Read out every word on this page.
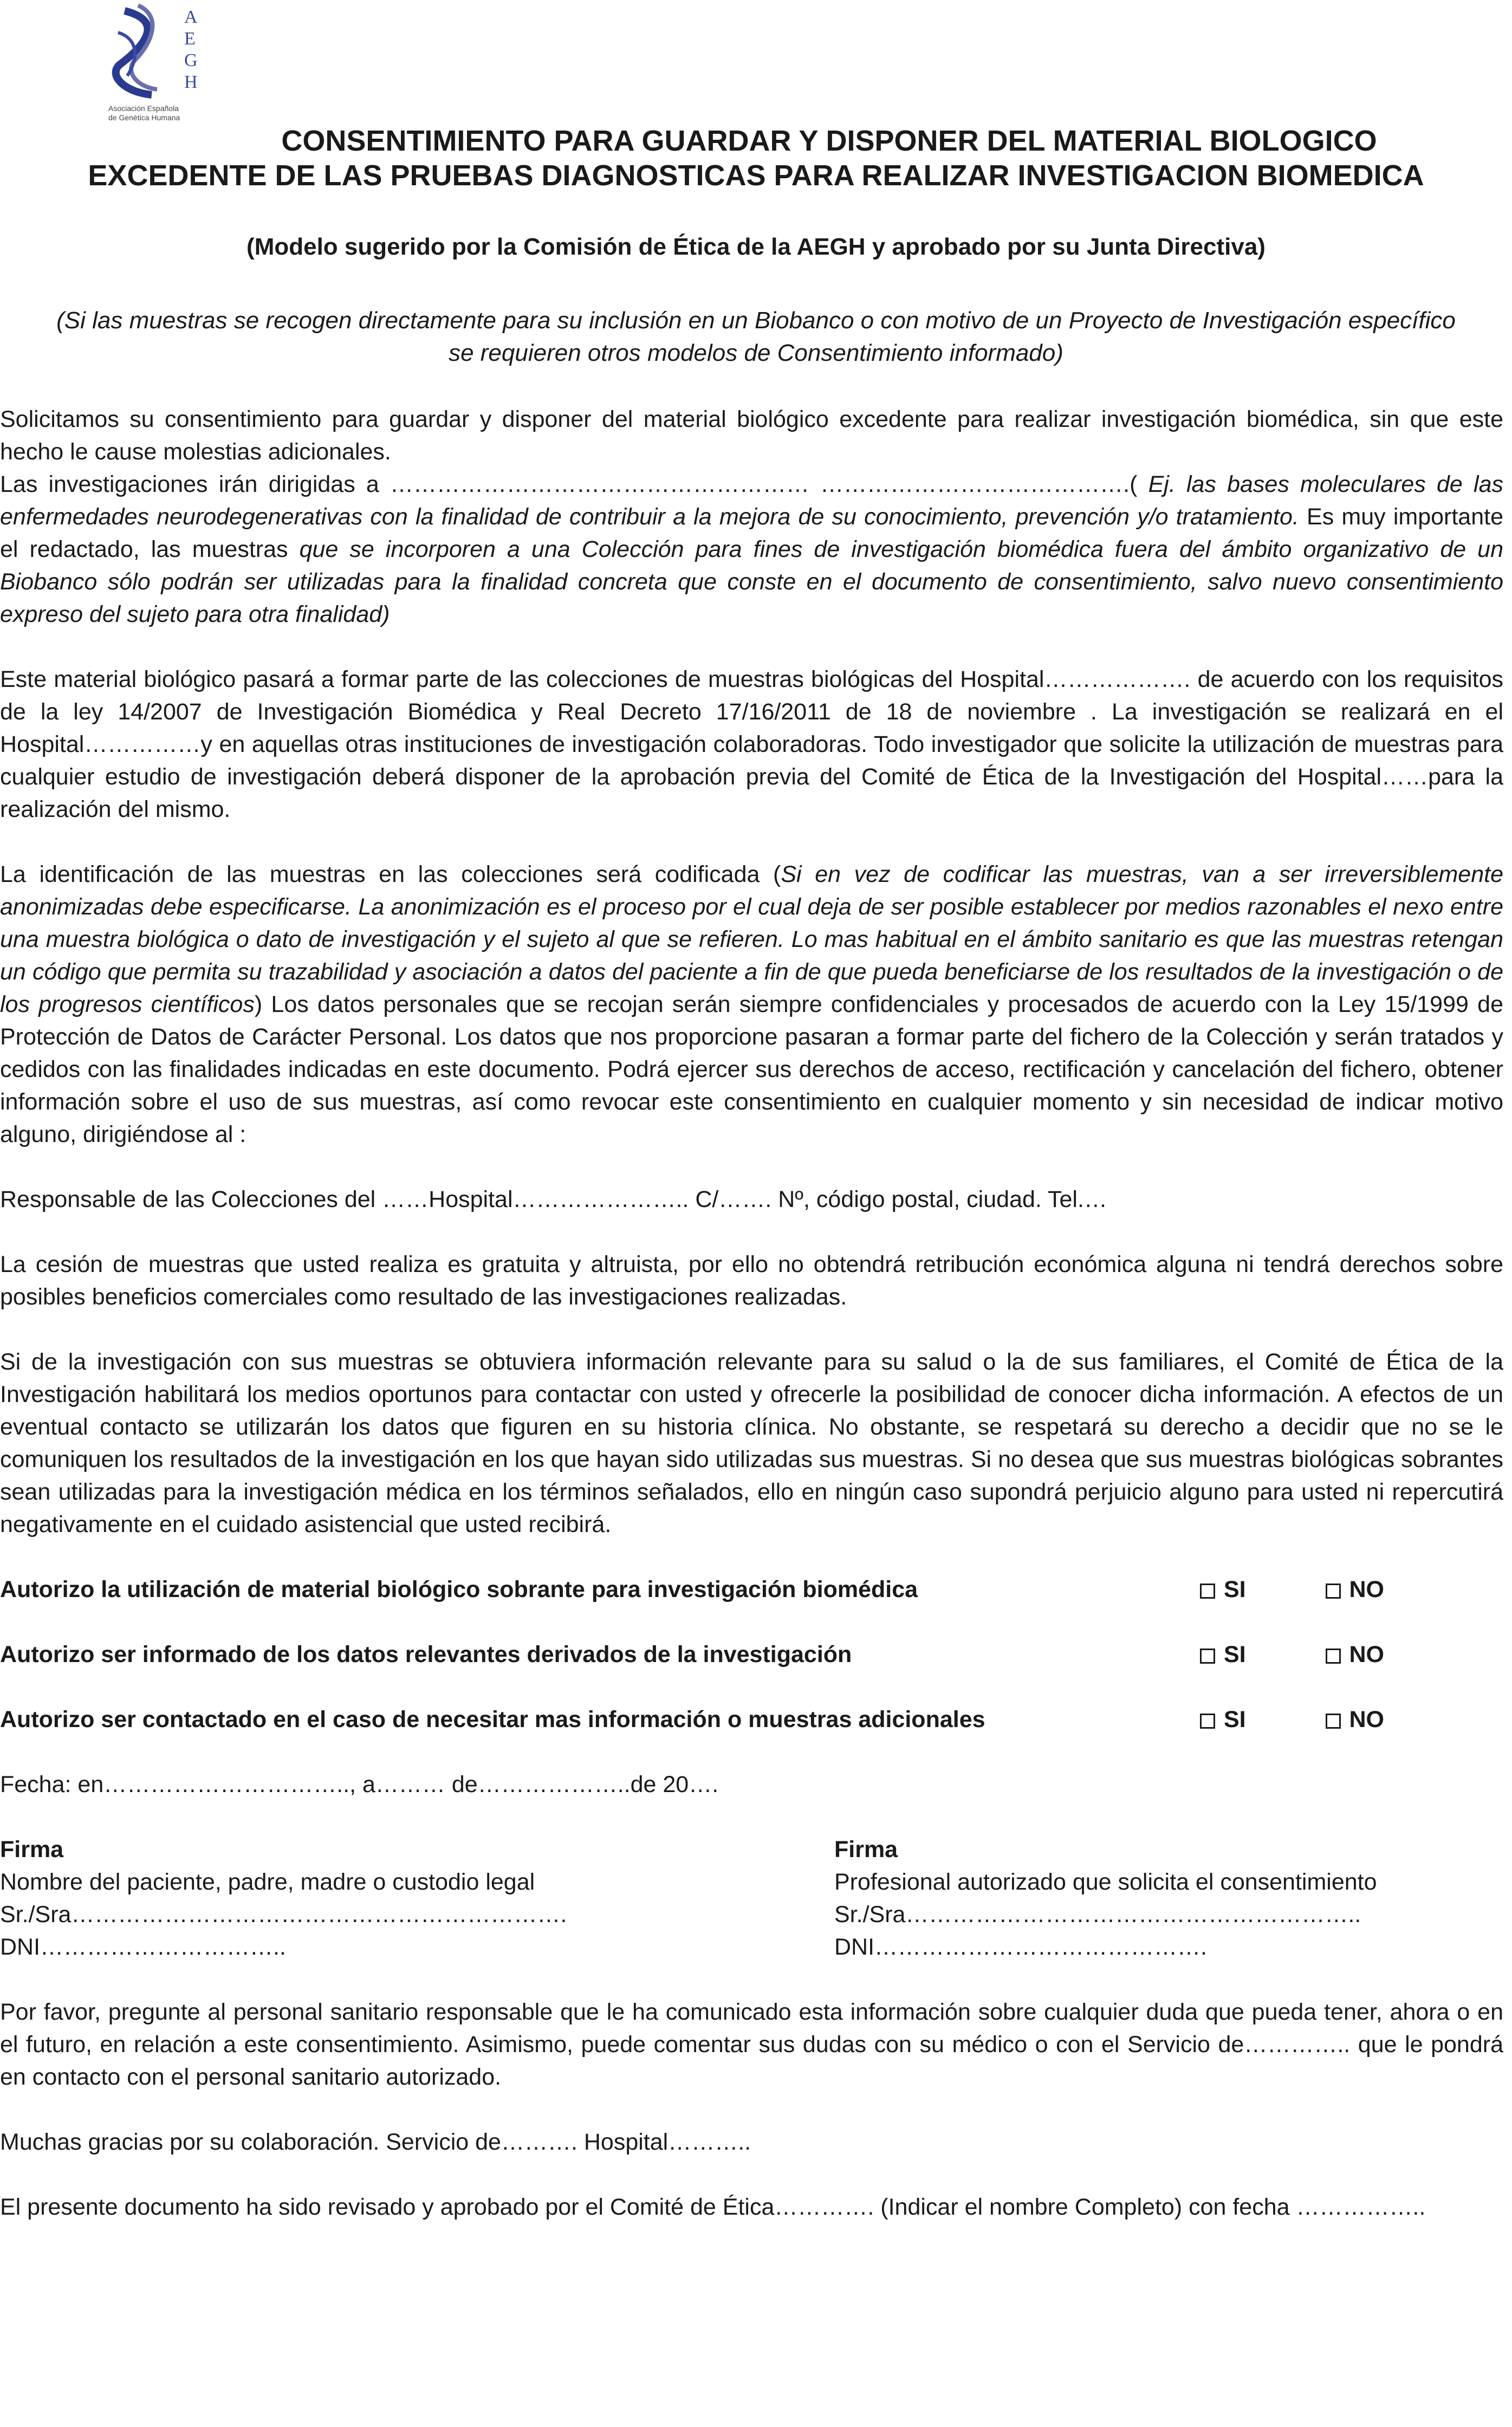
A
E
G
H
Asociación Española
de Genética Humana

CONSENTIMIENTO PARA GUARDAR Y DISPONER DEL MATERIAL BIOLOGICO

EXCEDENTE DE LAS PRUEBAS DIAGNOSTICAS PARA REALIZAR INVESTIGACION BIOMEDICA

(Modelo sugerido por la Comisión de Ética de la AEGH y aprobado por su Junta Directiva)

(Si las muestras se recogen directamente para su inclusión en un Biobanco o con motivo de un Proyecto de Investigación específico se requieren otros modelos de Consentimiento informado)

Solicitamos su consentimiento para guardar y disponer del material biológico excedente para realizar investigación biomédica, sin que este hecho le cause molestias adicionales.

Las investigaciones irán dirigidas a ……………………………………………… ………………………………….( Ej. las bases moleculares de las enfermedades neurodegenerativas con la finalidad de contribuir a la mejora de su conocimiento, prevención y/o tratamiento. Es muy importante el redactado, las muestras que se incorporen a una Colección para fines de investigación biomédica fuera del ámbito organizativo de un Biobanco sólo podrán ser utilizadas para la finalidad concreta que conste en el documento de consentimiento, salvo nuevo consentimiento expreso del sujeto para otra finalidad)

Este material biológico pasará a formar parte de las colecciones de muestras biológicas del Hospital………………. de acuerdo con los requisitos de la ley 14/2007 de Investigación Biomédica y Real Decreto 17/16/2011 de 18 de noviembre . La investigación se realizará en el Hospital……………y en aquellas otras instituciones de investigación colaboradoras. Todo investigador que solicite la utilización de muestras para cualquier estudio de investigación deberá disponer de la aprobación previa del Comité de Ética de la Investigación del Hospital……para la realización del mismo.

La identificación de las muestras en las colecciones será codificada (Si en vez de codificar las muestras, van a ser irreversiblemente anonimizadas debe especificarse. La anonimización es el proceso por el cual deja de ser posible establecer por medios razonables el nexo entre una muestra biológica o dato de investigación y el sujeto al que se refieren. Lo mas habitual en el ámbito sanitario es que las muestras retengan un código que permita su trazabilidad y asociación a datos del paciente a fin de que pueda beneficiarse de los resultados de la investigación o de los progresos científicos) Los datos personales que se recojan serán siempre confidenciales y procesados de acuerdo con la Ley 15/1999 de Protección de Datos de Carácter Personal. Los datos que nos proporcione pasaran a formar parte del fichero de la Colección y serán tratados y cedidos con las finalidades indicadas en este documento. Podrá ejercer sus derechos de acceso, rectificación y cancelación del fichero, obtener información sobre el uso de sus muestras, así como revocar este consentimiento en cualquier momento y sin necesidad de indicar motivo alguno, dirigiéndose al :

Responsable de las Colecciones del ……Hospital………………….. C/……. Nº, código postal, ciudad. Tel.…

La cesión de muestras que usted realiza es gratuita y altruista, por ello no obtendrá retribución económica alguna ni tendrá derechos sobre posibles beneficios comerciales como resultado de las investigaciones realizadas.

Si de la investigación con sus muestras se obtuviera información relevante para su salud o la de sus familiares, el Comité de Ética de la Investigación habilitará los medios oportunos para contactar con usted y ofrecerle la posibilidad de conocer dicha información. A efectos de un eventual contacto se utilizarán los datos que figuren en su historia clínica. No obstante, se respetará su derecho a decidir que no se le comuniquen los resultados de la investigación en los que hayan sido utilizadas sus muestras. Si no desea que sus muestras biológicas sobrantes sean utilizadas para la investigación médica en los términos señalados, ello en ningún caso supondrá perjuicio alguno para usted ni repercutirá negativamente en el cuidado asistencial que usted recibirá.

Autorizo la utilización de material biológico sobrante para investigación biomédica	SI	NO
Autorizo ser informado de los datos relevantes derivados de la investigación	SI	NO
Autorizo ser contactado en el caso de necesitar mas información o muestras adicionales	SI	NO

Fecha: en………………………….., a……… de………………..de 20….

Firma
Nombre del paciente, padre, madre o custodio legal
Sr./Sra……………………………………………………….
DNI…………………………..
Firma
Profesional autorizado que solicita el consentimiento
Sr./Sra…………………………………………………..
DNI…………………………………….

Por favor, pregunte al personal sanitario responsable que le ha comunicado esta información sobre cualquier duda que pueda tener, ahora o en el futuro, en relación a este consentimiento. Asimismo, puede comentar sus dudas con su médico o con el Servicio de………….. que le pondrá en contacto con el personal sanitario autorizado.

Muchas gracias por su colaboración. Servicio de………. Hospital………..

El presente documento ha sido revisado y aprobado por el Comité de Ética…………. (Indicar el nombre Completo) con fecha ……………..
